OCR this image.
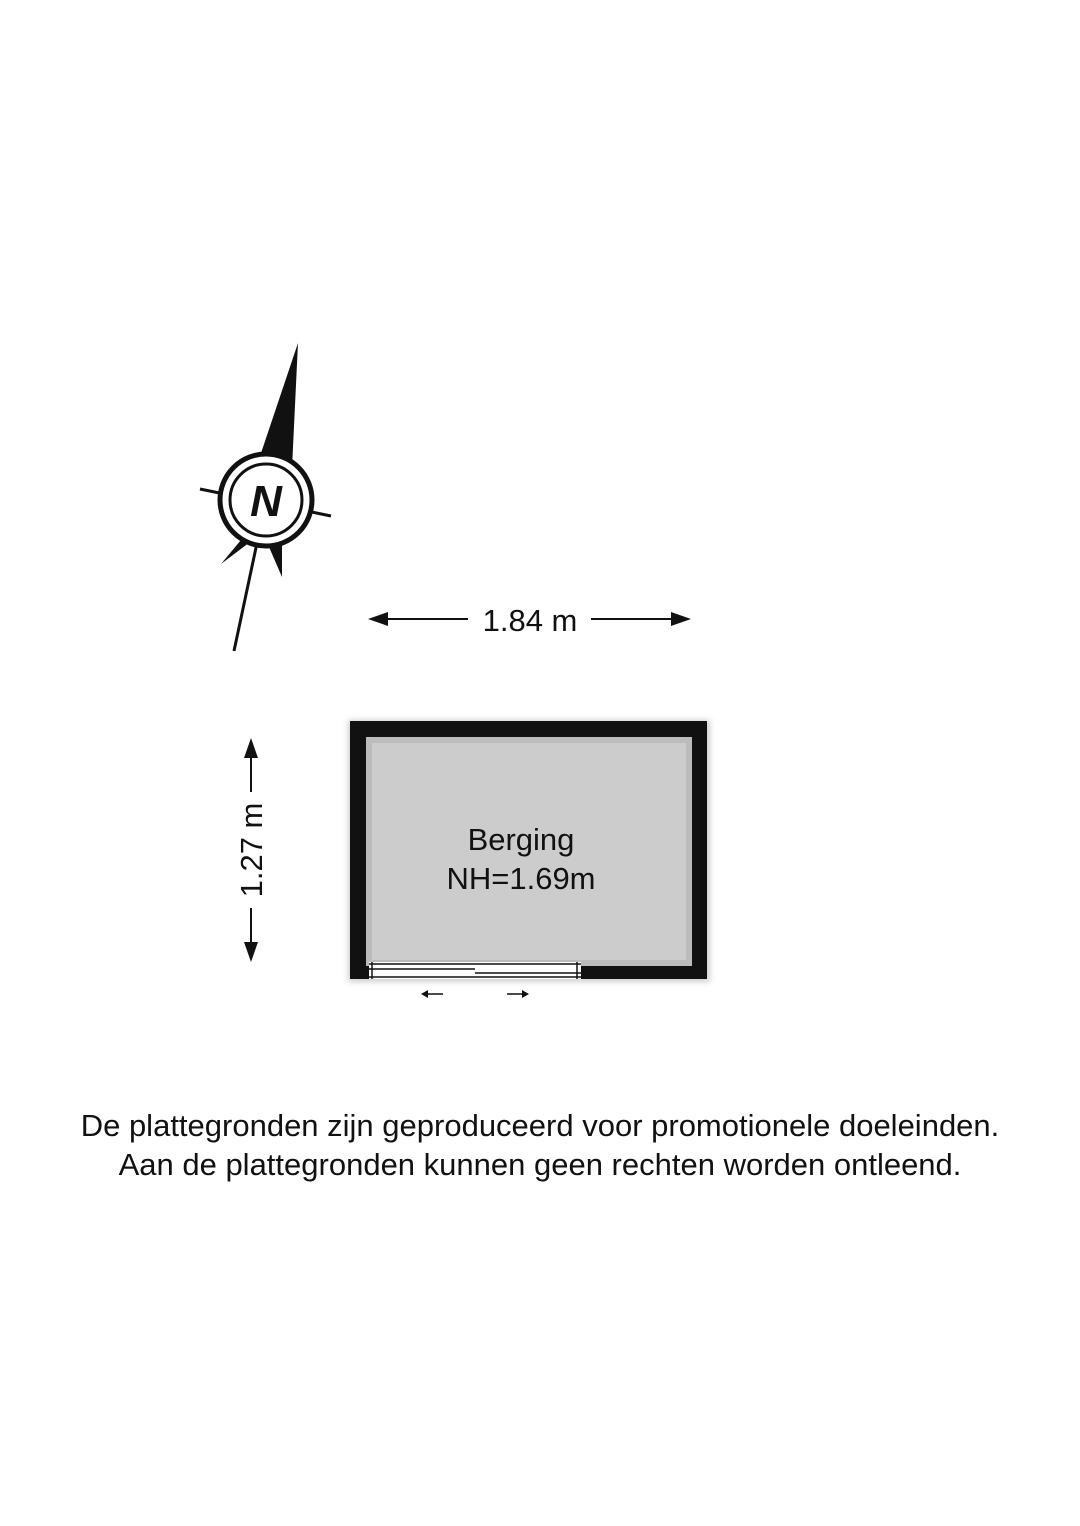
N
1.84 m
1.27 m	Berging
NH=1.69m
De plattegronden zijn geproduceerd voor promotionele doeleinden.
Aan de plattegronden kunnen geen rechten worden ontleend.
